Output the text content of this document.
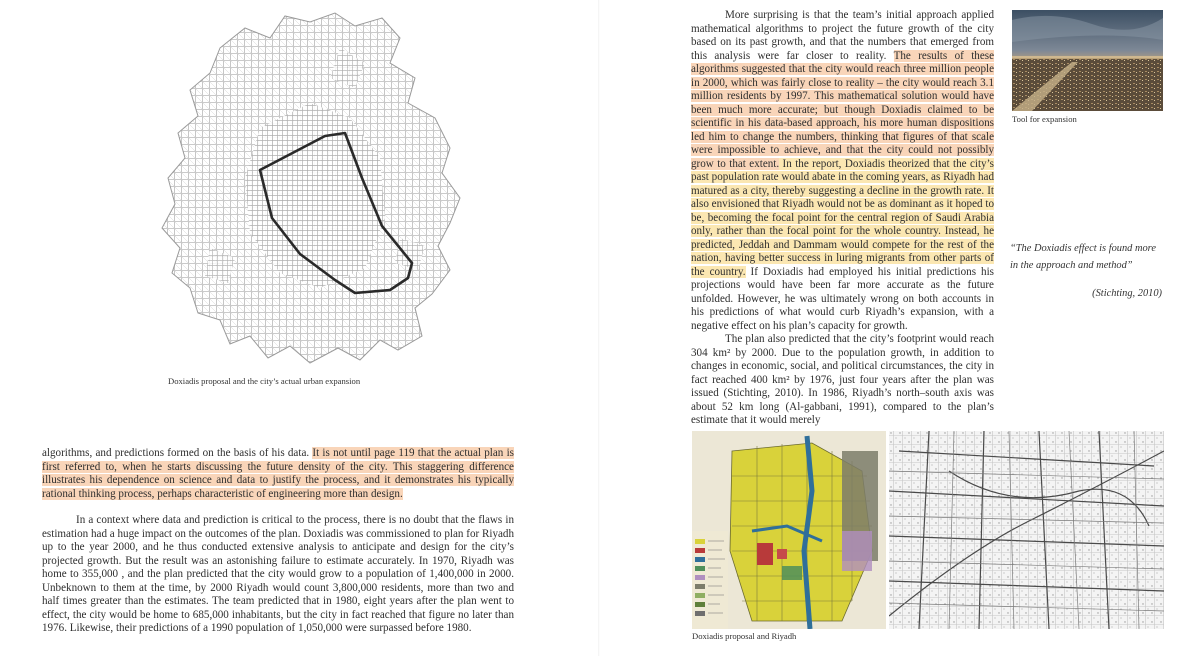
Doxiadis proposal and the city’s actual urban expansion

algorithms, and predictions formed on the basis of his data. It is not until page 119 that the actual plan is first referred to, when he starts discussing the future density of the city. This staggering difference illustrates his dependence on science and data to justify the process, and it demonstrates his typically rational thinking process, perhaps characteristic of engineering more than design.

In a context where data and prediction is critical to the process, there is no doubt that the flaws in estimation had a huge impact on the outcomes of the plan. Doxiadis was commissioned to plan for Riyadh up to the year 2000, and he thus conducted extensive analysis to anticipate and design for the city’s projected growth. But the result was an astonishing failure to estimate accurately. In 1970, Riyadh was home to 355,000 , and the plan predicted that the city would grow to a population of 1,400,000 in 2000. Unbeknown to them at the time, by 2000 Riyadh would count 3,800,000 residents, more than two and half times greater than the estimates. The team predicted that in 1980, eight years after the plan went to effect, the city would be home to 685,000 inhabitants, but the city in fact reached that figure no later than 1976. Likewise, their predictions of a 1990 population of 1,050,000 were surpassed before 1980.

More surprising is that the team’s initial approach applied mathematical algorithms to project the future growth of the city based on its past growth, and that the numbers that emerged from this analysis were far closer to reality. The results of these algorithms suggested that the city would reach three million people in 2000, which was fairly close to reality – the city would reach 3.1 million residents by 1997. This mathematical solution would have been much more accurate; but though Doxiadis claimed to be scientific in his data-based approach, his more human dispositions led him to change the numbers, thinking that figures of that scale were impossible to achieve, and that the city could not possibly grow to that extent. In the report, Doxiadis theorized that the city’s past population rate would abate in the coming years, as Riyadh had matured as a city, thereby suggesting a decline in the growth rate. It also envisioned that Riyadh would not be as dominant as it hoped to be, becoming the focal point for the central region of Saudi Arabia only, rather than the focal point for the whole country. Instead, he predicted, Jeddah and Dammam would compete for the rest of the nation, having better success in luring migrants from other parts of the country. If Doxiadis had employed his initial predictions his projections would have been far more accurate as the future unfolded. However, he was ultimately wrong on both accounts in his predictions of what would curb Riyadh’s expansion, with a negative effect on his plan’s capacity for growth.

The plan also predicted that the city’s footprint would reach 304 km² by 2000. Due to the population growth, in addition to changes in economic, social, and political circumstances, the city in fact reached 400 km² by 1976, just four years after the plan was issued (Stichting, 2010). In 1986, Riyadh’s north–south axis was about 52 km long (Al-gabbani, 1991), compared to the plan’s estimate that it would merely

Tool for expansion
“The Doxiadis effect is found more in the approach and method”
(Stichting, 2010)
Doxiadis proposal and Riyadh
